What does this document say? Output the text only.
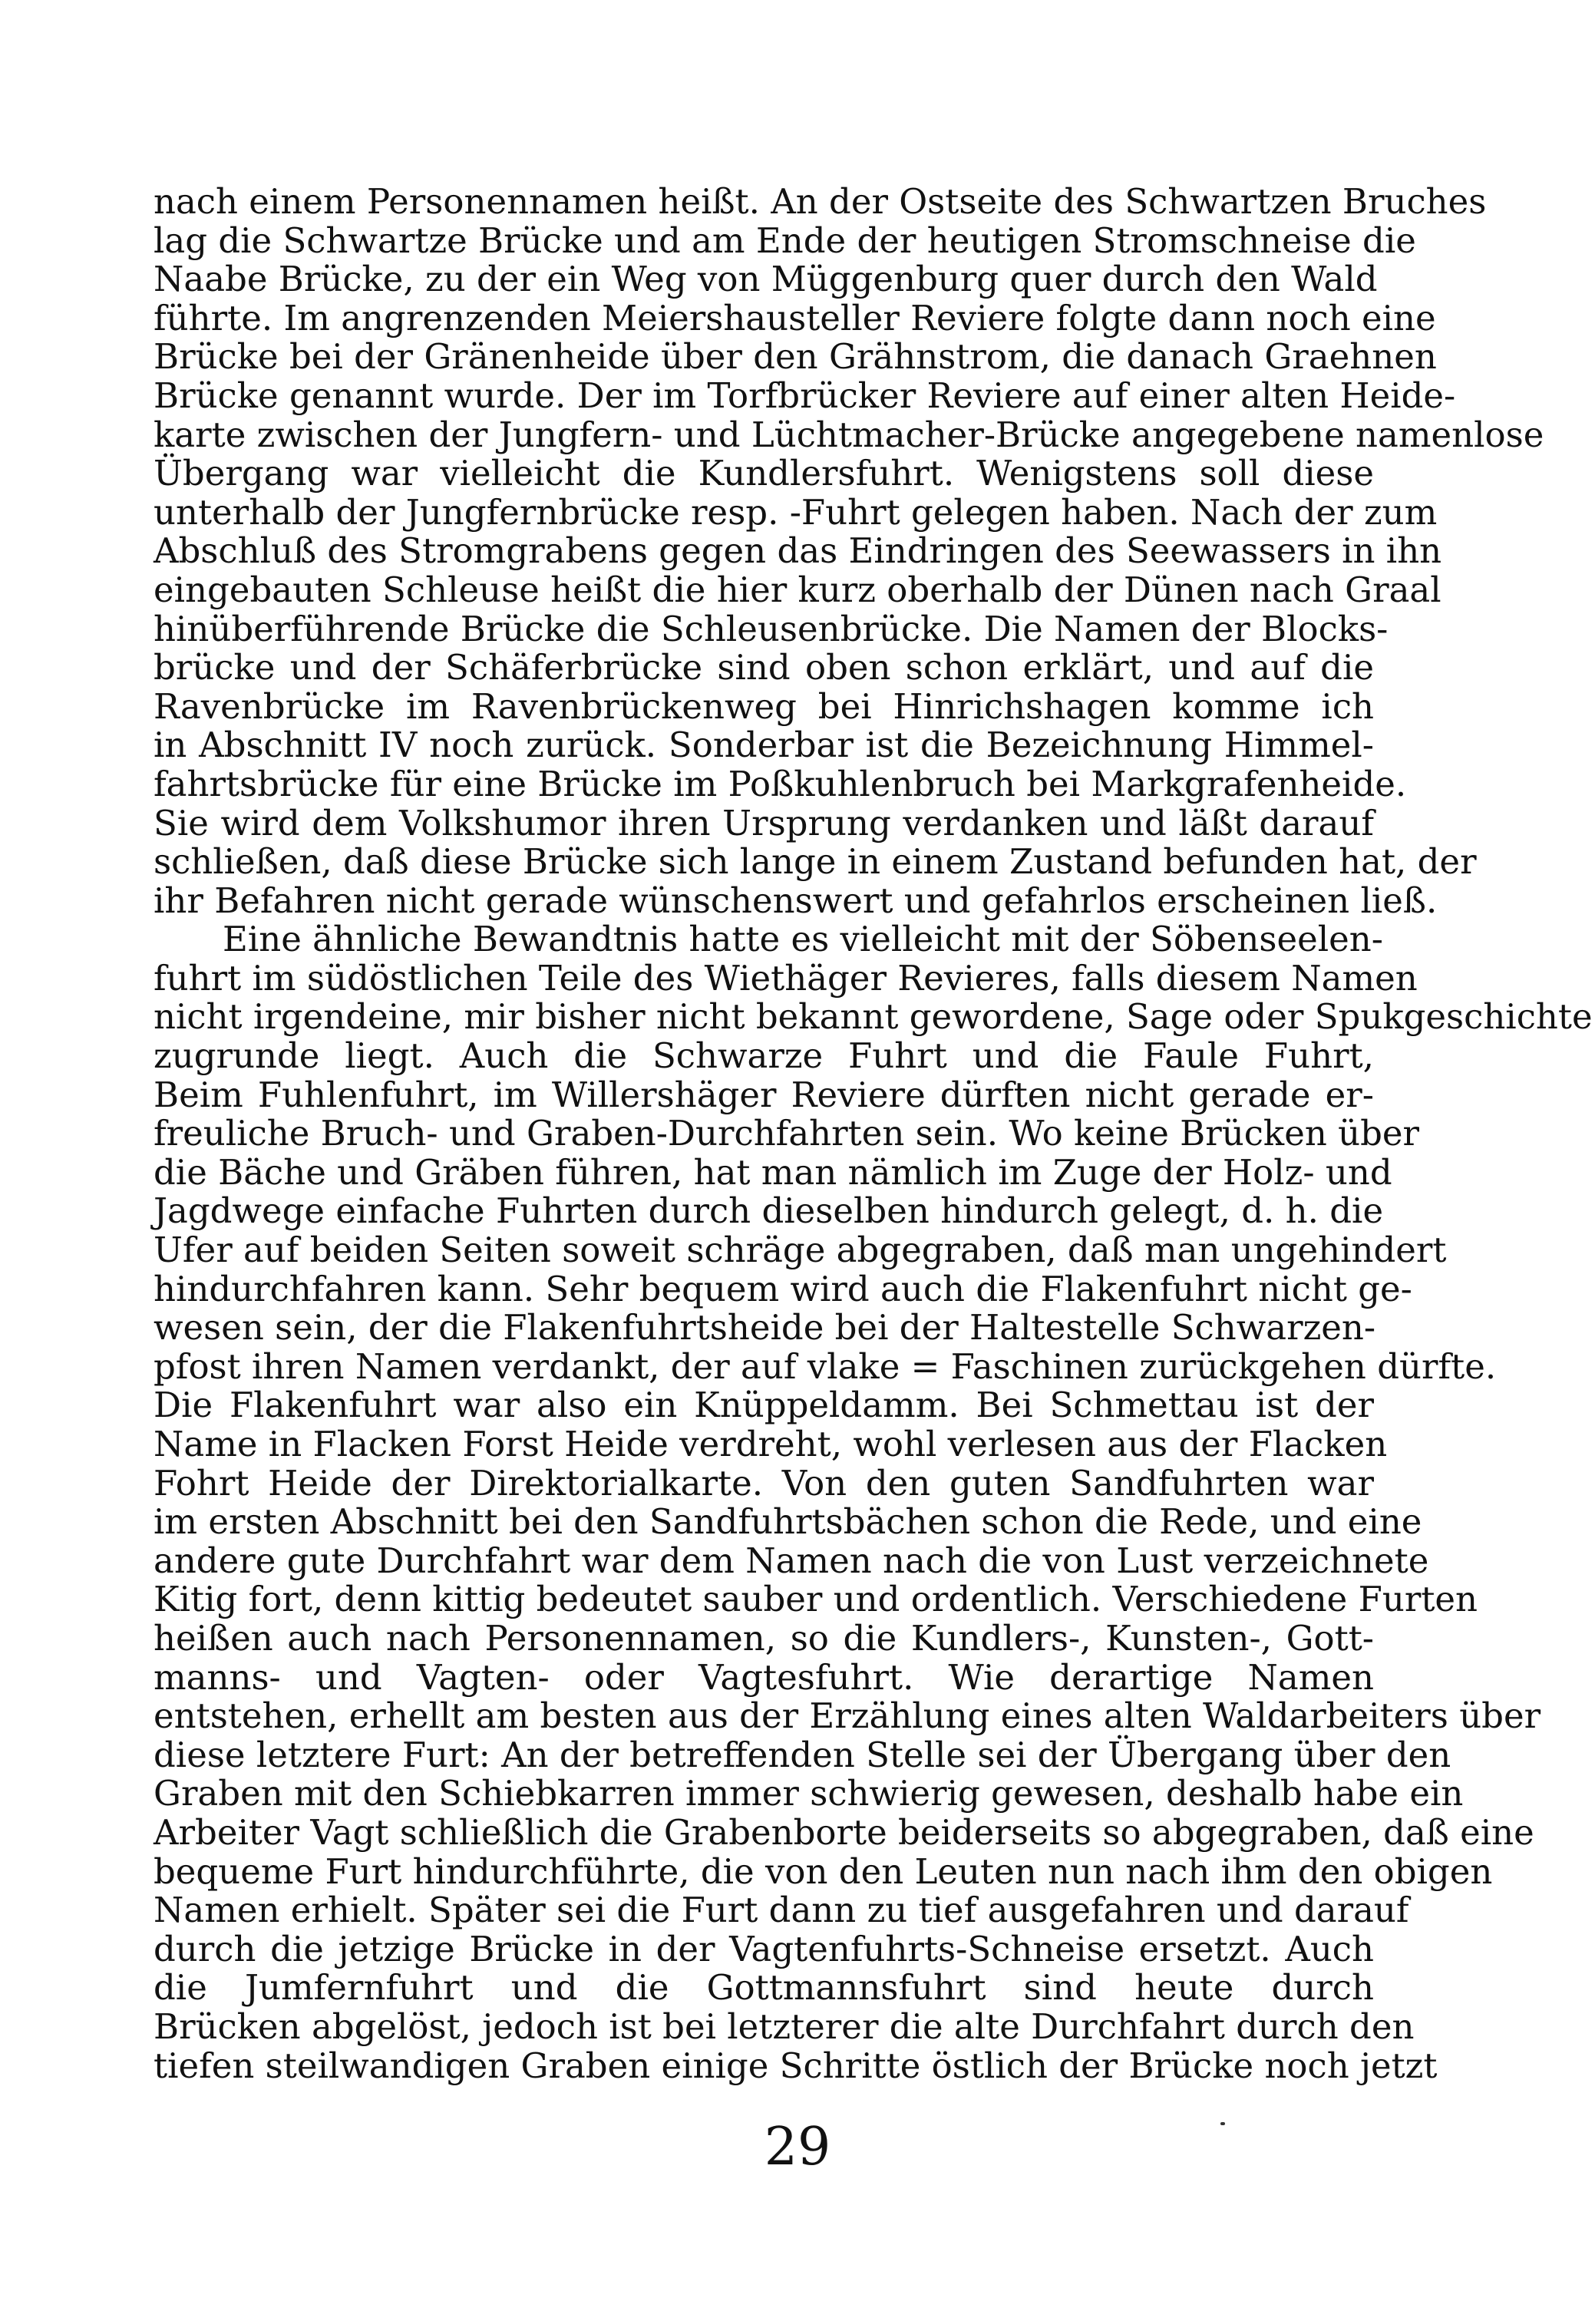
nach einem Personennamen heißt. An der Ostseite des Schwartzen Bruches
lag die Schwartze Brücke und am Ende der heutigen Stromschneise die
Naabe Brücke, zu der ein Weg von Müggenburg quer durch den Wald
führte. Im angrenzenden Meiershausteller Reviere folgte dann noch eine
Brücke bei der Gränenheide über den Grähnstrom, die danach Graehnen
Brücke genannt wurde. Der im Torfbrücker Reviere auf einer alten Heide-
karte zwischen der Jungfern- und Lüchtmacher-Brücke angegebene namenlose
Übergang war vielleicht die Kundlersfuhrt. Wenigstens soll diese
unterhalb der Jungfernbrücke resp. -Fuhrt gelegen haben. Nach der zum
Abschluß des Stromgrabens gegen das Eindringen des Seewassers in ihn
eingebauten Schleuse heißt die hier kurz oberhalb der Dünen nach Graal
hinüberführende Brücke die Schleusenbrücke. Die Namen der Blocks-
brücke und der Schäferbrücke sind oben schon erklärt, und auf die
Ravenbrücke im Ravenbrückenweg bei Hinrichshagen komme ich
in Abschnitt IV noch zurück. Sonderbar ist die Bezeichnung Himmel-
fahrtsbrücke für eine Brücke im Poßkuhlenbruch bei Markgrafenheide.
Sie wird dem Volkshumor ihren Ursprung verdanken und läßt darauf
schließen, daß diese Brücke sich lange in einem Zustand befunden hat, der
ihr Befahren nicht gerade wünschenswert und gefahrlos erscheinen ließ.
Eine ähnliche Bewandtnis hatte es vielleicht mit der Söbenseelen-
fuhrt im südöstlichen Teile des Wiethäger Revieres, falls diesem Namen
nicht irgendeine, mir bisher nicht bekannt gewordene, Sage oder Spukgeschichte
zugrunde liegt. Auch die Schwarze Fuhrt und die Faule Fuhrt,
Beim Fuhlenfuhrt, im Willershäger Reviere dürften nicht gerade er-
freuliche Bruch- und Graben-Durchfahrten sein. Wo keine Brücken über
die Bäche und Gräben führen, hat man nämlich im Zuge der Holz- und
Jagdwege einfache Fuhrten durch dieselben hindurch gelegt, d. h. die
Ufer auf beiden Seiten soweit schräge abgegraben, daß man ungehindert
hindurchfahren kann. Sehr bequem wird auch die Flakenfuhrt nicht ge-
wesen sein, der die Flakenfuhrtsheide bei der Haltestelle Schwarzen-
pfost ihren Namen verdankt, der auf vlake = Faschinen zurückgehen dürfte.
Die Flakenfuhrt war also ein Knüppeldamm. Bei Schmettau ist der
Name in Flacken Forst Heide verdreht, wohl verlesen aus der Flacken
Fohrt Heide der Direktorialkarte. Von den guten Sandfuhrten war
im ersten Abschnitt bei den Sandfuhrtsbächen schon die Rede, und eine
andere gute Durchfahrt war dem Namen nach die von Lust verzeichnete
Kitig fort, denn kittig bedeutet sauber und ordentlich. Verschiedene Furten
heißen auch nach Personennamen, so die Kundlers-, Kunsten-, Gott-
manns- und Vagten- oder Vagtesfuhrt. Wie derartige Namen
entstehen, erhellt am besten aus der Erzählung eines alten Waldarbeiters über
diese letztere Furt: An der betreffenden Stelle sei der Übergang über den
Graben mit den Schiebkarren immer schwierig gewesen, deshalb habe ein
Arbeiter Vagt schließlich die Grabenborte beiderseits so abgegraben, daß eine
bequeme Furt hindurchführte, die von den Leuten nun nach ihm den obigen
Namen erhielt. Später sei die Furt dann zu tief ausgefahren und darauf
durch die jetzige Brücke in der Vagtenfuhrts-Schneise ersetzt. Auch
die Jumfernfuhrt und die Gottmannsfuhrt sind heute durch
Brücken abgelöst, jedoch ist bei letzterer die alte Durchfahrt durch den
tiefen steilwandigen Graben einige Schritte östlich der Brücke noch jetzt
29
